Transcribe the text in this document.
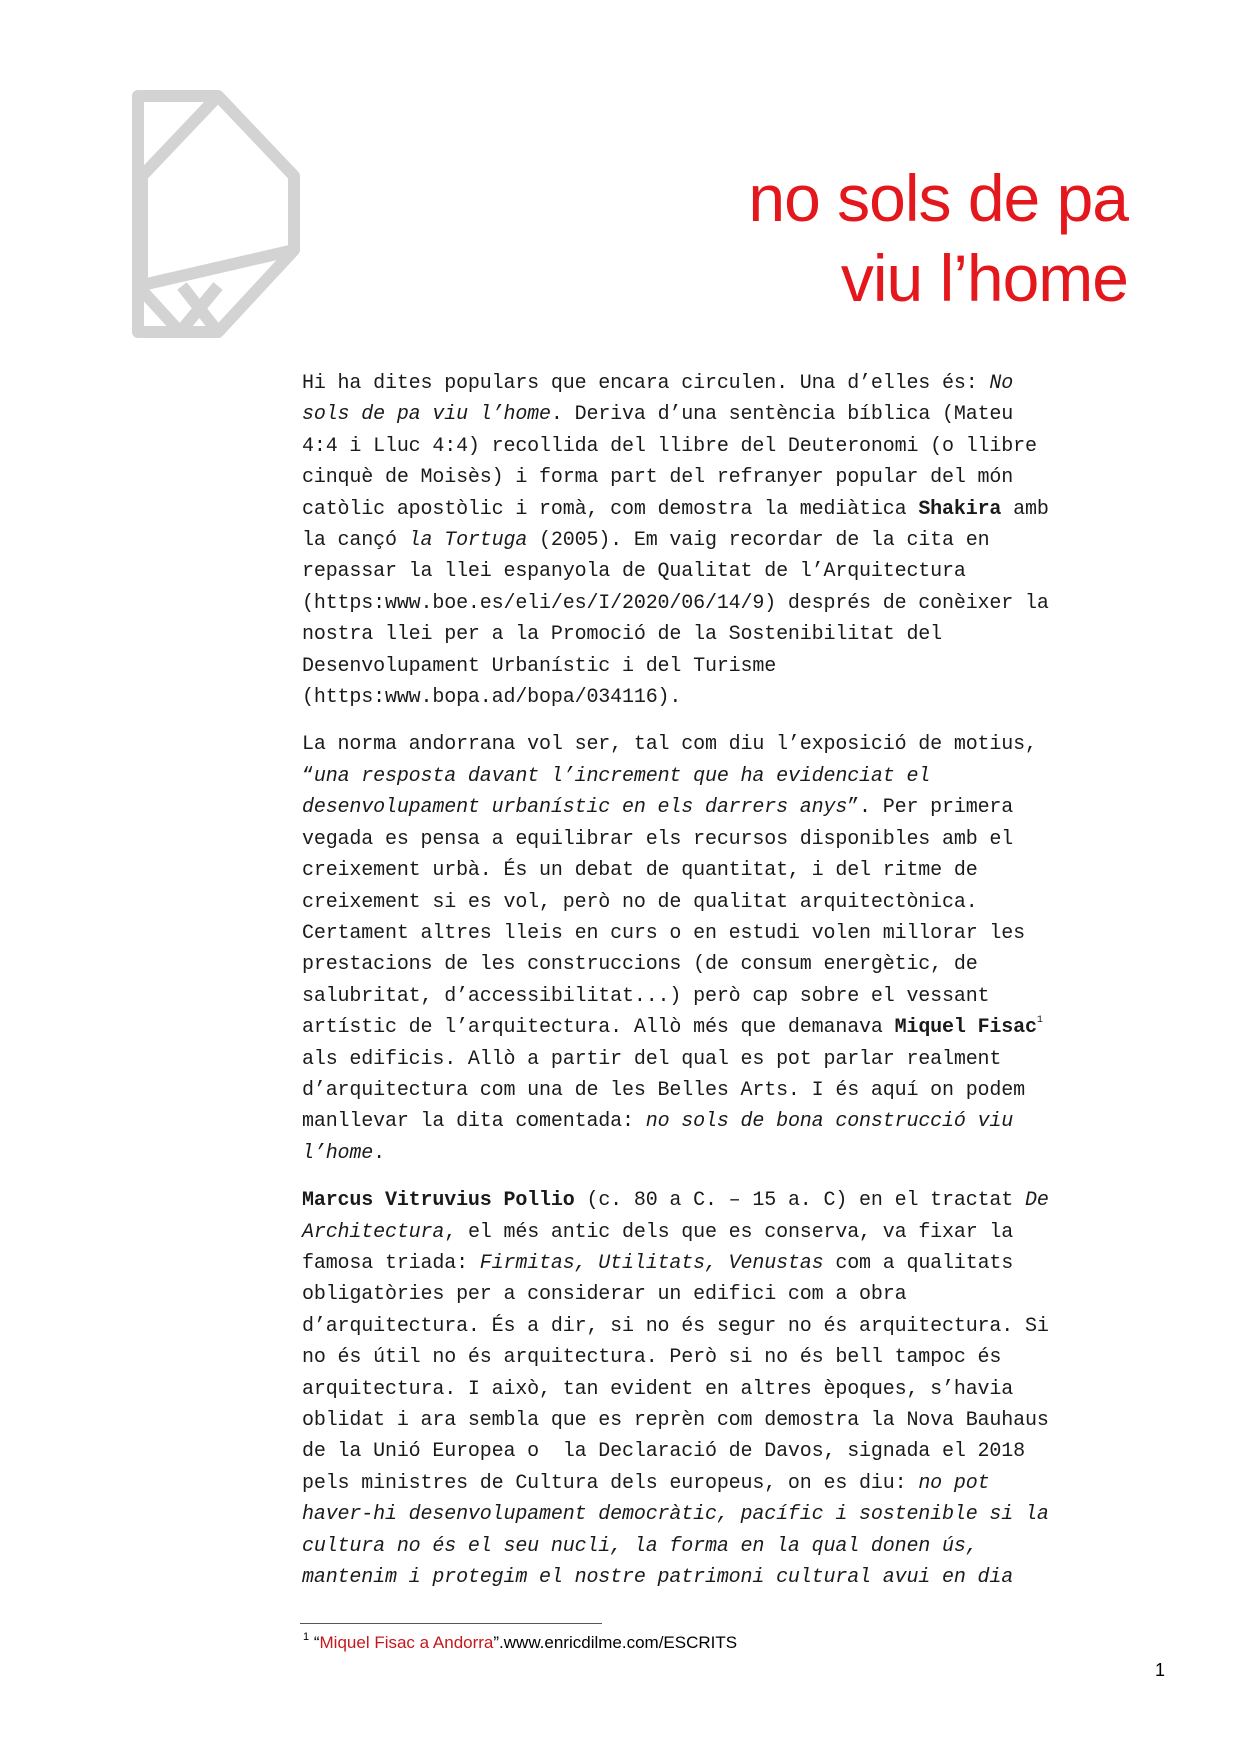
no sols de pa
viu l’home

Hi ha dites populars que encara circulen. Una d’elles és: No
sols de pa viu l’home. Deriva d’una sentència bíblica (Mateu
4:4 i Lluc 4:4) recollida del llibre del Deuteronomi (o llibre
cinquè de Moisès) i forma part del refranyer popular del món
catòlic apostòlic i romà, com demostra la mediàtica Shakira amb
la cançó la Tortuga (2005). Em vaig recordar de la cita en
repassar la llei espanyola de Qualitat de l’Arquitectura
(https:www.boe.es/eli/es/I/2020/06/14/9) després de conèixer la
nostra llei per a la Promoció de la Sostenibilitat del
Desenvolupament Urbanístic i del Turisme
(https:www.bopa.ad/bopa/034116).

La norma andorrana vol ser, tal com diu l’exposició de motius,
“una resposta davant l’increment que ha evidenciat el
desenvolupament urbanístic en els darrers anys”. Per primera
vegada es pensa a equilibrar els recursos disponibles amb el
creixement urbà. És un debat de quantitat, i del ritme de
creixement si es vol, però no de qualitat arquitectònica.
Certament altres lleis en curs o en estudi volen millorar les
prestacions de les construccions (de consum energètic, de
salubritat, d’accessibilitat...) però cap sobre el vessant
artístic de l’arquitectura. Allò més que demanava Miquel Fisac$^1$
als edificis. Allò a partir del qual es pot parlar realment
d’arquitectura com una de les Belles Arts. I és aquí on podem
manllevar la dita comentada: no sols de bona construcció viu
l’home.

Marcus Vitruvius Pollio (c. 80 a C. – 15 a. C) en el tractat De
Architectura, el més antic dels que es conserva, va fixar la
famosa triada: Firmitas, Utilitats, Venustas com a qualitats
obligatòries per a considerar un edifici com a obra
d’arquitectura. És a dir, si no és segur no és arquitectura. Si
no és útil no és arquitectura. Però si no és bell tampoc és
arquitectura. I això, tan evident en altres èpoques, s’havia
oblidat i ara sembla que es reprèn com demostra la Nova Bauhaus
de la Unió Europea o  la Declaració de Davos, signada el 2018
pels ministres de Cultura dels europeus, on es diu: no pot
haver-hi desenvolupament democràtic, pacífic i sostenible si la
cultura no és el seu nucli, la forma en la qual donen ús,
mantenim i protegim el nostre patrimoni cultural avui en dia

$^1$ “Miquel Fisac a Andorra”.www.enricdilme.com/ESCRITS
1
